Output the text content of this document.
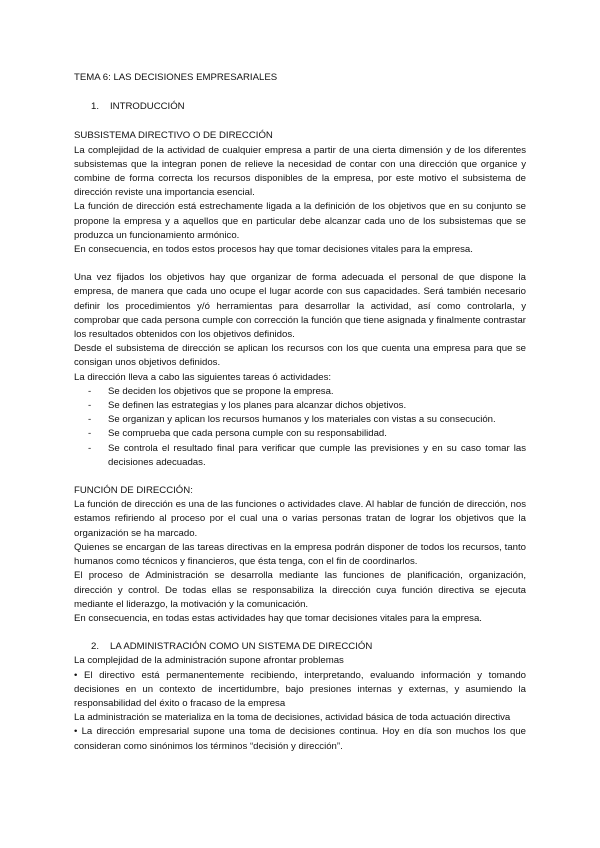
TEMA 6: LAS DECISIONES EMPRESARIALES

1. INTRODUCCIÓN

SUBSISTEMA DIRECTIVO O DE DIRECCIÓN

La complejidad de la actividad de cualquier empresa a partir de una cierta dimensión y de los diferentes subsistemas que la integran ponen de relieve la necesidad de contar con una dirección que organice y combine de forma correcta los recursos disponibles de la empresa, por este motivo el subsistema de dirección reviste una importancia esencial.

La función de dirección está estrechamente ligada a la definición de los objetivos que en su conjunto se propone la empresa y a aquellos que en particular debe alcanzar cada uno de los subsistemas que se produzca un funcionamiento armónico.

En consecuencia, en todos estos procesos hay que tomar decisiones vitales para la empresa.

Una vez fijados los objetivos hay que organizar de forma adecuada el personal de que dispone la empresa, de manera que cada uno ocupe el lugar acorde con sus capacidades. Será también necesario definir los procedimientos y/ó herramientas para desarrollar la actividad, así como controlarla, y comprobar que cada persona cumple con corrección la función que tiene asignada y finalmente contrastar los resultados obtenidos con los objetivos definidos.

Desde el subsistema de dirección se aplican los recursos con los que cuenta una empresa para que se consigan unos objetivos definidos.

La dirección lleva a cabo las siguientes tareas ó actividades:

- Se deciden los objetivos que se propone la empresa.
- Se definen las estrategias y los planes para alcanzar dichos objetivos.
- Se organizan y aplican los recursos humanos y los materiales con vistas a su consecución.
- Se comprueba que cada persona cumple con su responsabilidad.
- Se controla el resultado final para verificar que cumple las previsiones y en su caso tomar las decisiones adecuadas.

FUNCIÓN DE DIRECCIÓN:

La función de dirección es una de las funciones o actividades clave. Al hablar de función de dirección, nos estamos refiriendo al proceso por el cual una o varias personas tratan de lograr los objetivos que la organización se ha marcado.

Quienes se encargan de las tareas directivas en la empresa podrán disponer de todos los recursos, tanto humanos como técnicos y financieros, que ésta tenga, con el fin de coordinarlos.

El proceso de Administración se desarrolla mediante las funciones de planificación, organización, dirección y control. De todas ellas se responsabiliza la dirección cuya función directiva se ejecuta mediante el liderazgo, la motivación y la comunicación.

En consecuencia, en todas estas actividades hay que tomar decisiones vitales para la empresa.

2. LA ADMINISTRACIÓN COMO UN SISTEMA DE DIRECCIÓN

La complejidad de la administración supone afrontar problemas

• El directivo está permanentemente recibiendo, interpretando, evaluando información y tomando decisiones en un contexto de incertidumbre, bajo presiones internas y externas, y asumiendo la responsabilidad del éxito o fracaso de la empresa

La administración se materializa en la toma de decisiones, actividad básica de toda actuación directiva

• La dirección empresarial supone una toma de decisiones continua. Hoy en día son muchos los que consideran como sinónimos los términos “decisión y dirección”.
